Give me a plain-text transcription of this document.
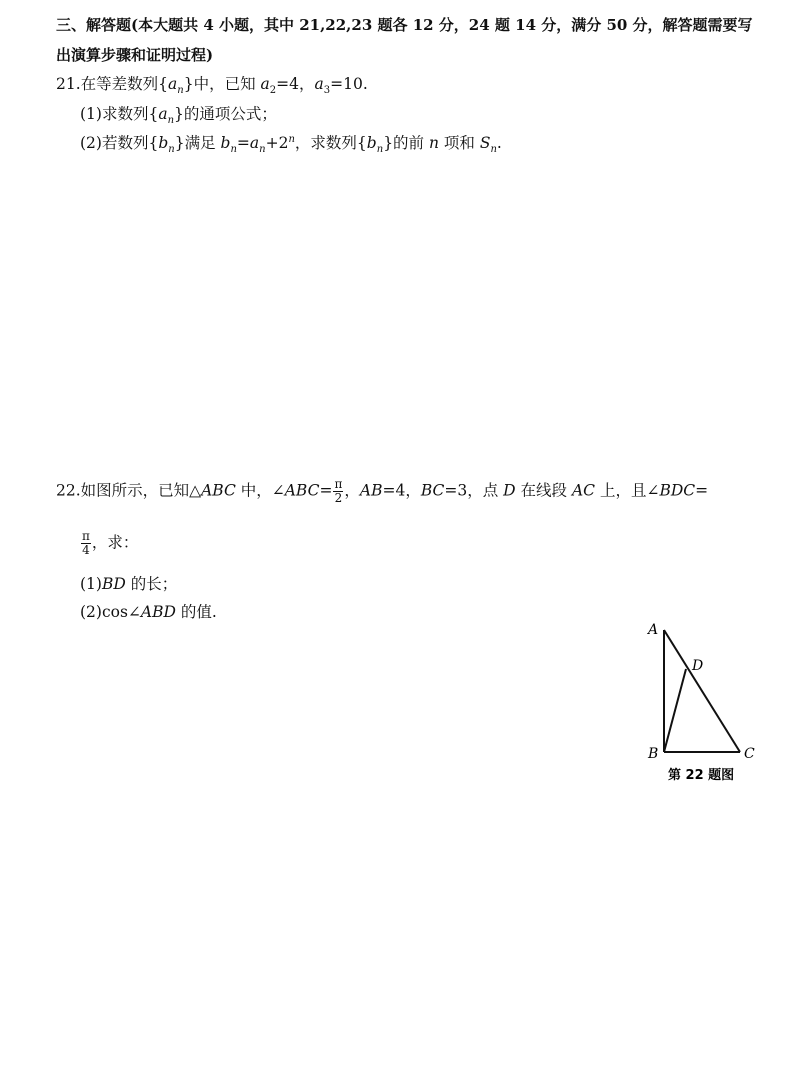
三、解答题(本大题共 4 小题，其中 21,22,23 题各 12 分，24 题 14 分，满分 50 分，解答题需要写
出演算步骤和证明过程)
21.在等差数列$\{a_n\}$中，已知 $a_2=4$，$a_3=10$.
(1)求数列$\{a_n\}$的通项公式；
(2)若数列$\{b_n\}$满足 $b_n=a_n+2^n$，求数列$\{b_n\}$的前 n 项和 $S_n$.
22.如图所示，已知△ABC 中，∠ABC= $\frac{\pi}{2}$ ，AB=4，BC=3，点 D 在线段 AC 上，且∠BDC=
$\frac{\pi}{4}$ ，求：
(1)BD 的长；
(2)cos∠ABD 的值.
A
D
B	C
第 22 题图
